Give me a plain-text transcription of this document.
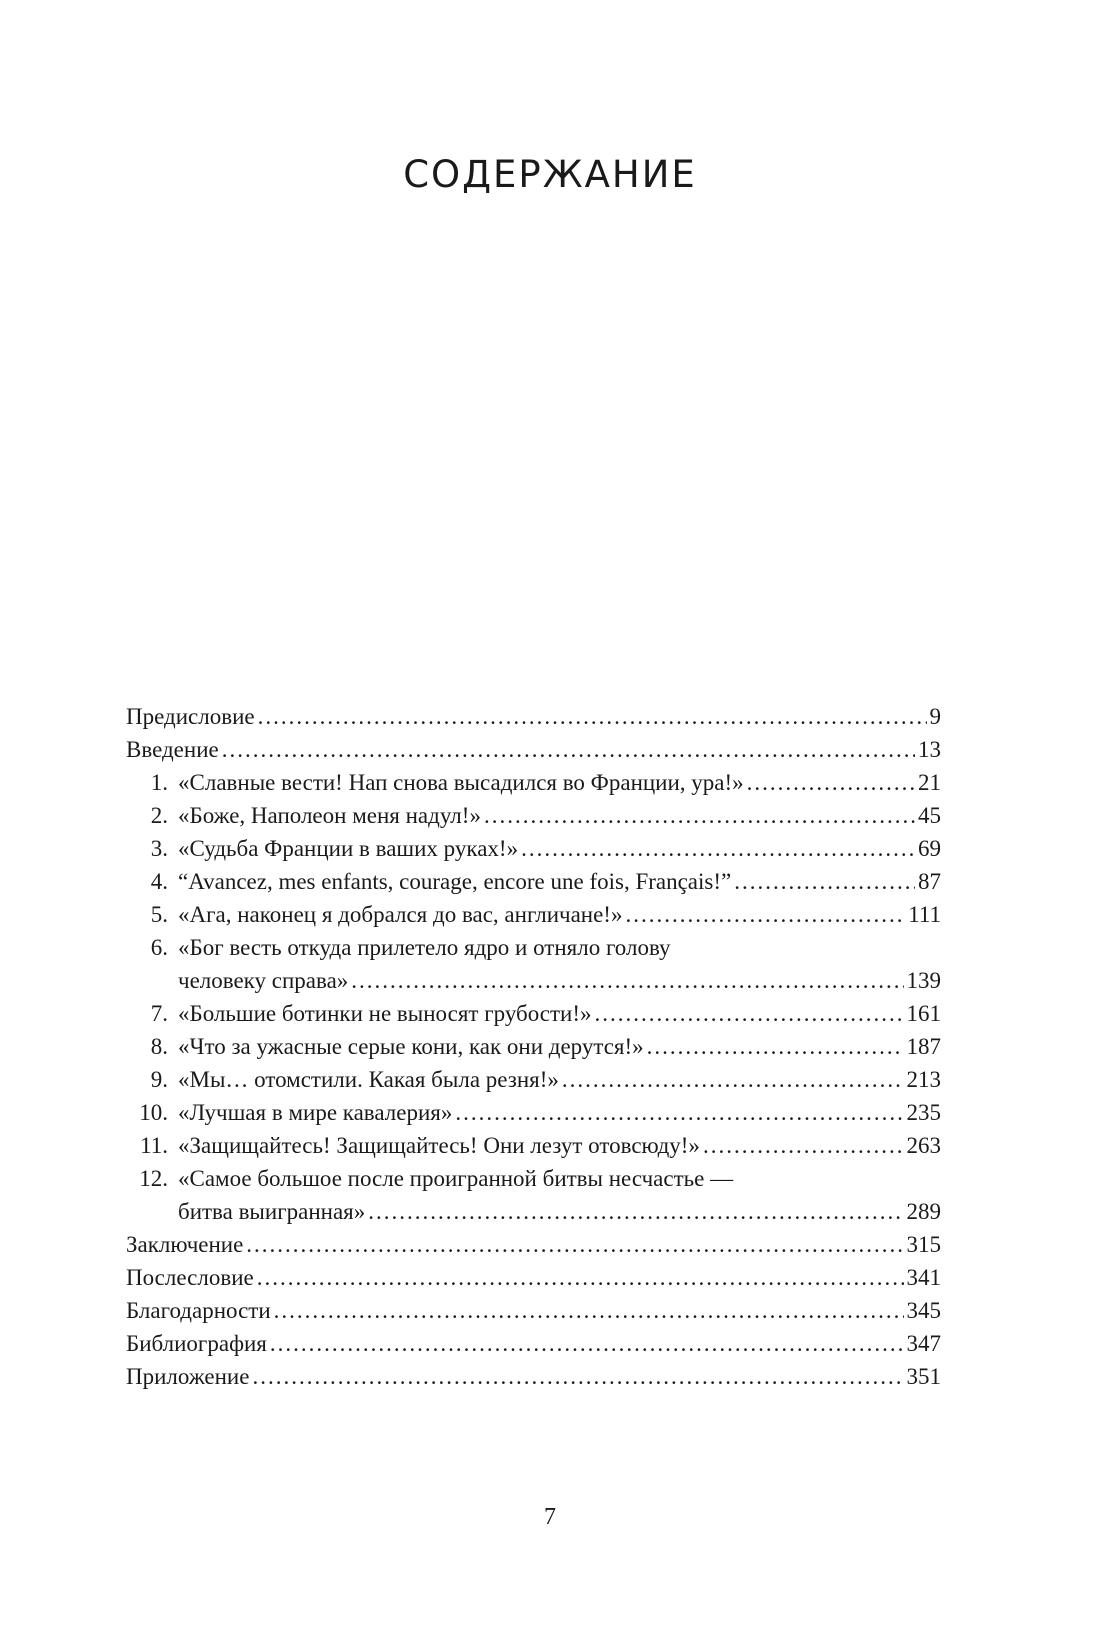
СОДЕРЖАНИЕ
Предисловие .....	9
Введение .....	13
1. «Славные вести! Нап снова высадился во Франции, ура!» .....	21
2. «Боже, Наполеон меня надул!» .....	45
3. «Судьба Франции в ваших руках!» .....	69
4. “Avancez, mes enfants, courage, encore une fois, Français!” .....	87
5. «Ага, наконец я добрался до вас, англичане!» .....	111
6. «Бог весть откуда прилетело ядро и отняло голову
человеку справа» .....	139
7. «Большие ботинки не выносят грубости!» .....	161
8. «Что за ужасные серые кони, как они дерутся!» .....	187
9. «Мы… отомстили. Какая была резня!» .....	213
10. «Лучшая в мире кавалерия» .....	235
11. «Защищайтесь! Защищайтесь! Они лезут отовсюду!» .....	263
12. «Самое большое после проигранной битвы несчастье —
битва выигранная» .....	289
Заключение .....	315
Послесловие .....	341
Благодарности .....	345
Библиография .....	347
Приложение .....	351
7
